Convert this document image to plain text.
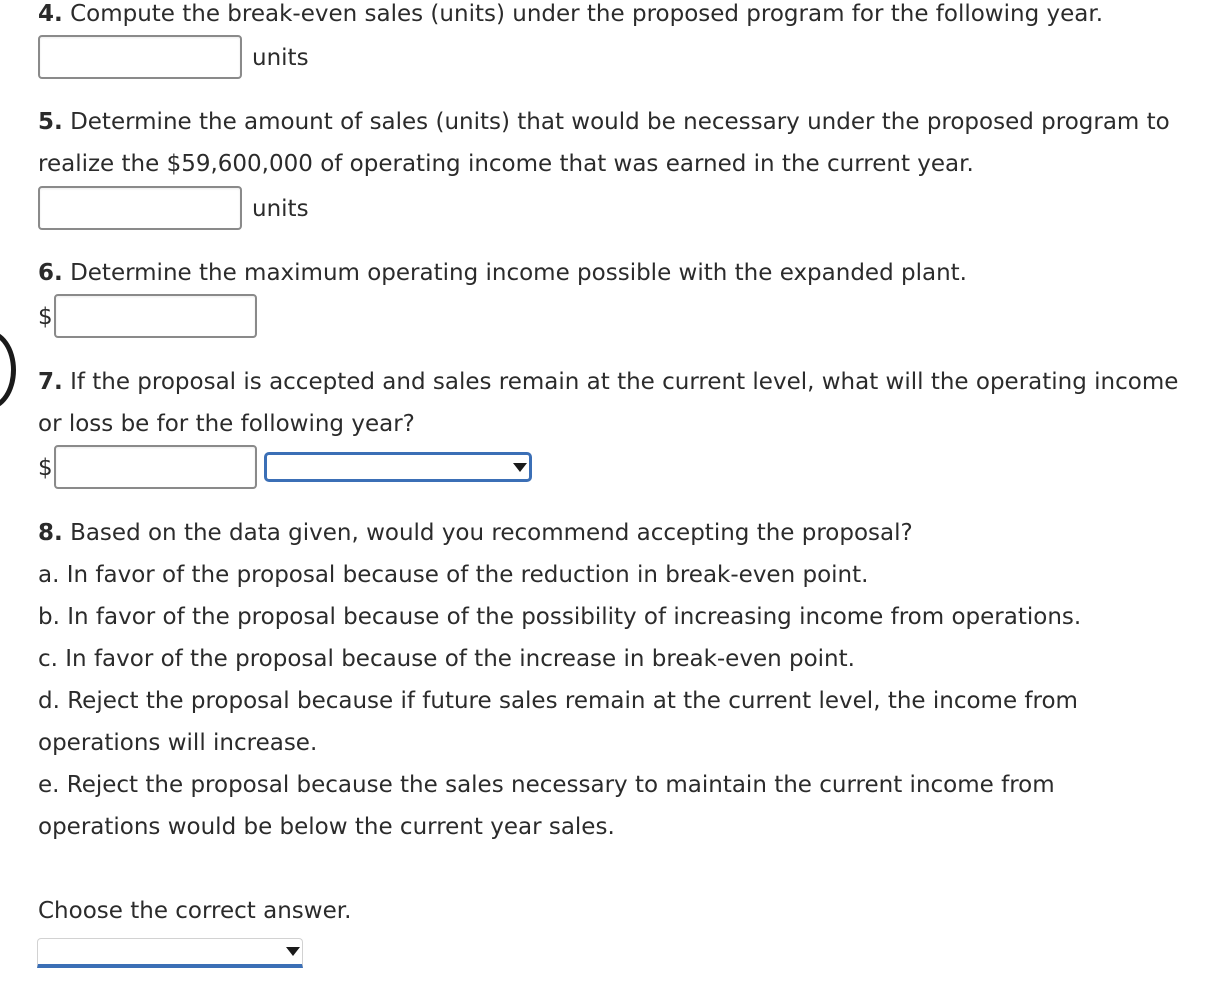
4. Compute the break-even sales (units) under the proposed program for the following year.
units
5. Determine the amount of sales (units) that would be necessary under the proposed program to realize the $59,600,000 of operating income that was earned in the current year.
units
6. Determine the maximum operating income possible with the expanded plant.
$
7. If the proposal is accepted and sales remain at the current level, what will the operating income or loss be for the following year?
$
8. Based on the data given, would you recommend accepting the proposal?
a. In favor of the proposal because of the reduction in break-even point.
b. In favor of the proposal because of the possibility of increasing income from operations.
c. In favor of the proposal because of the increase in break-even point.
d. Reject the proposal because if future sales remain at the current level, the income from operations will increase.
e. Reject the proposal because the sales necessary to maintain the current income from operations would be below the current year sales.
Choose the correct answer.
